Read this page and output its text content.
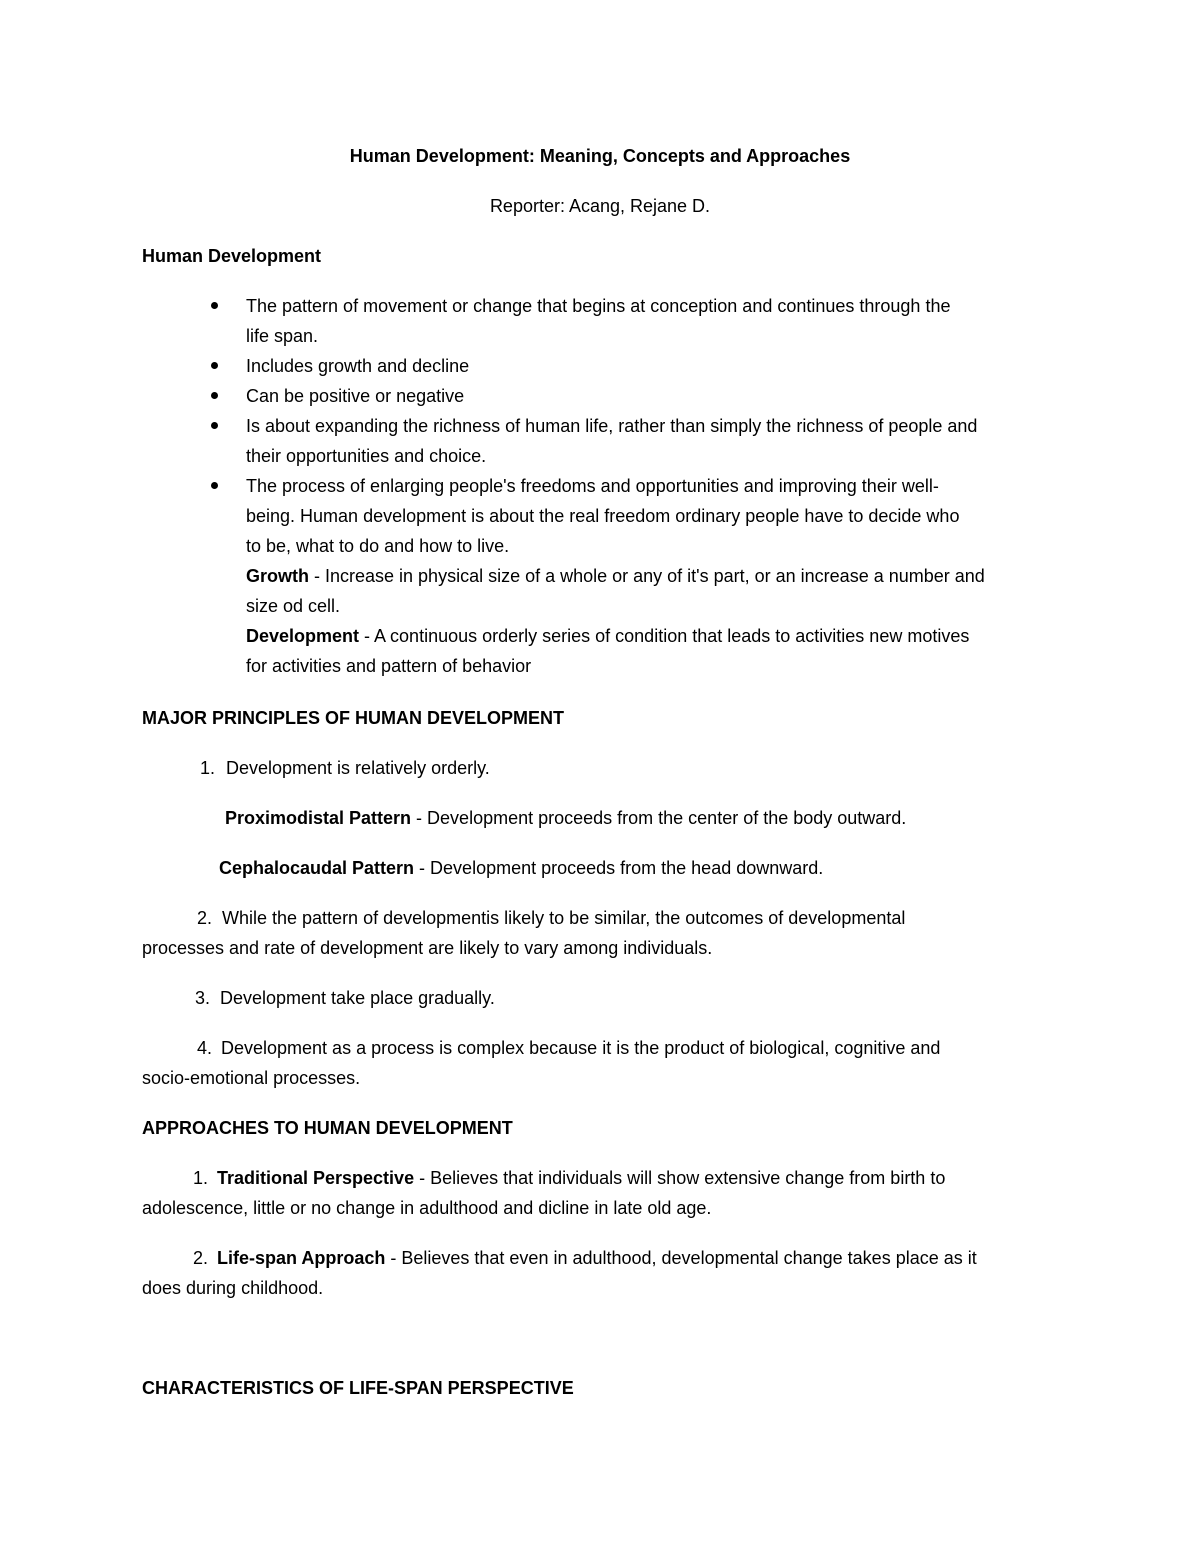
Human Development: Meaning, Concepts and Approaches
Reporter: Acang, Rejane D.
Human Development
The pattern of movement or change that begins at conception and continues through the
life span.
Includes growth and decline
Can be positive or negative
Is about expanding the richness of human life, rather than simply the richness of people and
their opportunities and choice.
The process of enlarging people's freedoms and opportunities and improving their well-
being. Human development is about the real freedom ordinary people have to decide who
to be, what to do and how to live.
Growth - Increase in physical size of a whole or any of it's part, or an increase a number and
size od cell.
Development - A continuous orderly series of condition that leads to activities new motives
for activities and pattern of behavior
MAJOR PRINCIPLES OF HUMAN DEVELOPMENT
1. Development is relatively orderly.
Proximodistal Pattern - Development proceeds from the center of the body outward.
Cephalocaudal Pattern - Development proceeds from the head downward.
2. While the pattern of developmentis likely to be similar, the outcomes of developmental
processes and rate of development are likely to vary among individuals.
3. Development take place gradually.
4. Development as a process is complex because it is the product of biological, cognitive and
socio-emotional processes.
APPROACHES TO HUMAN DEVELOPMENT
1. Traditional Perspective - Believes that individuals will show extensive change from birth to
adolescence, little or no change in adulthood and dicline in late old age.
2. Life-span Approach - Believes that even in adulthood, developmental change takes place as it
does during childhood.
CHARACTERISTICS OF LIFE-SPAN PERSPECTIVE
